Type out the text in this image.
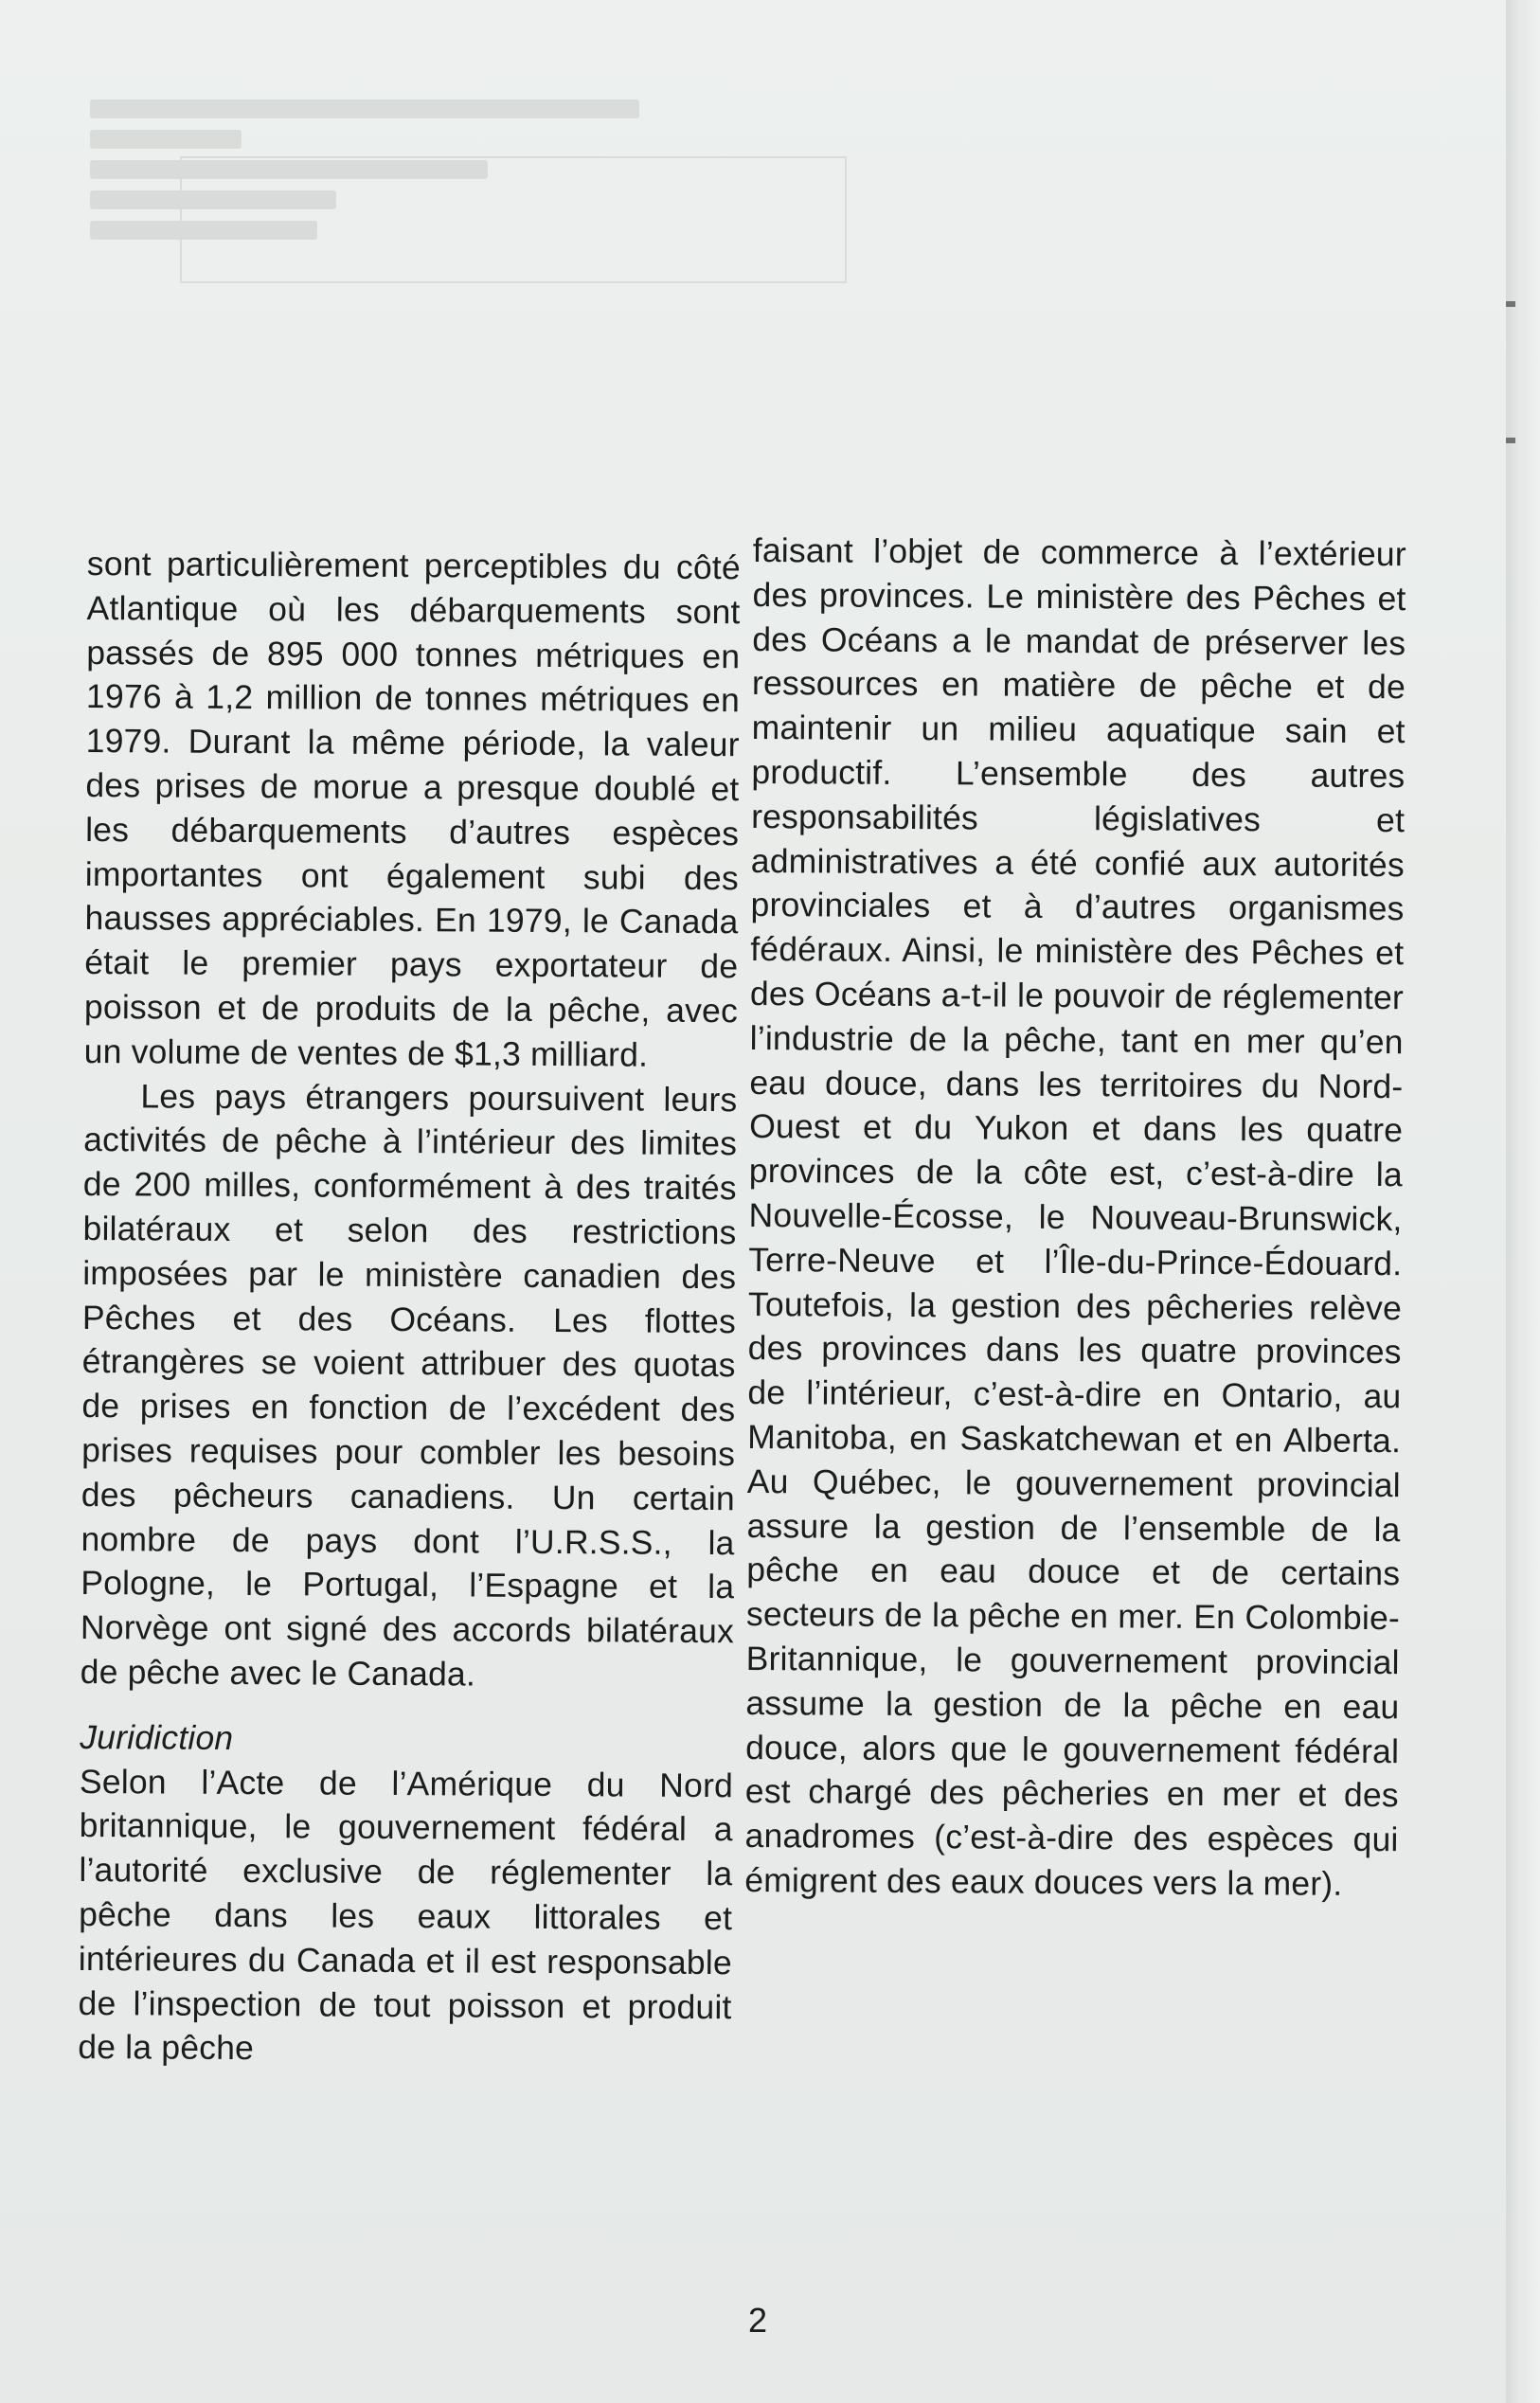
sont particulièrement perceptibles du côté Atlantique où les débarquements sont passés de 895 000 tonnes métriques en 1976 à 1,2 million de tonnes métriques en 1979. Durant la même période, la valeur des prises de morue a presque doublé et les débarquements d’autres espèces importantes ont également subi des hausses appréciables. En 1979, le Canada était le premier pays exportateur de poisson et de produits de la pêche, avec un volume de ventes de $1,3 milliard.

Les pays étrangers poursuivent leurs activités de pêche à l’intérieur des limites de 200 milles, conformément à des traités bilatéraux et selon des restrictions imposées par le ministère canadien des Pêches et des Océans. Les flottes étrangères se voient attribuer des quotas de prises en fonction de l’excédent des prises requises pour combler les besoins des pêcheurs canadiens. Un certain nombre de pays dont l’U.R.S.S., la Pologne, le Portugal, l’Espagne et la Norvège ont signé des accords bilatéraux de pêche avec le Canada.

Juridiction

Selon l’Acte de l’Amérique du Nord britannique, le gouvernement fédéral a l’autorité exclusive de réglementer la pêche dans les eaux littorales et intérieures du Canada et il est responsable de l’inspection de tout poisson et produit de la pêche

faisant l’objet de commerce à l’extérieur des provinces. Le ministère des Pêches et des Océans a le mandat de préserver les ressources en matière de pêche et de maintenir un milieu aquatique sain et productif. L’ensemble des autres responsabilités législatives et administratives a été confié aux autorités provinciales et à d’autres organismes fédéraux. Ainsi, le ministère des Pêches et des Océans a-t-il le pouvoir de réglementer l’industrie de la pêche, tant en mer qu’en eau douce, dans les territoires du Nord-Ouest et du Yukon et dans les quatre provinces de la côte est, c’est-à-dire la Nouvelle-Écosse, le Nouveau-Brunswick, Terre-Neuve et l’Île-du-Prince-Édouard. Toutefois, la gestion des pêcheries relève des provinces dans les quatre provinces de l’intérieur, c’est-à-dire en Ontario, au Manitoba, en Saskatchewan et en Alberta. Au Québec, le gouvernement provincial assure la gestion de l’ensemble de la pêche en eau douce et de certains secteurs de la pêche en mer. En Colombie-Britannique, le gouvernement provincial assume la gestion de la pêche en eau douce, alors que le gouvernement fédéral est chargé des pêcheries en mer et des anadromes (c’est-à-dire des espèces qui émigrent des eaux douces vers la mer).

2
